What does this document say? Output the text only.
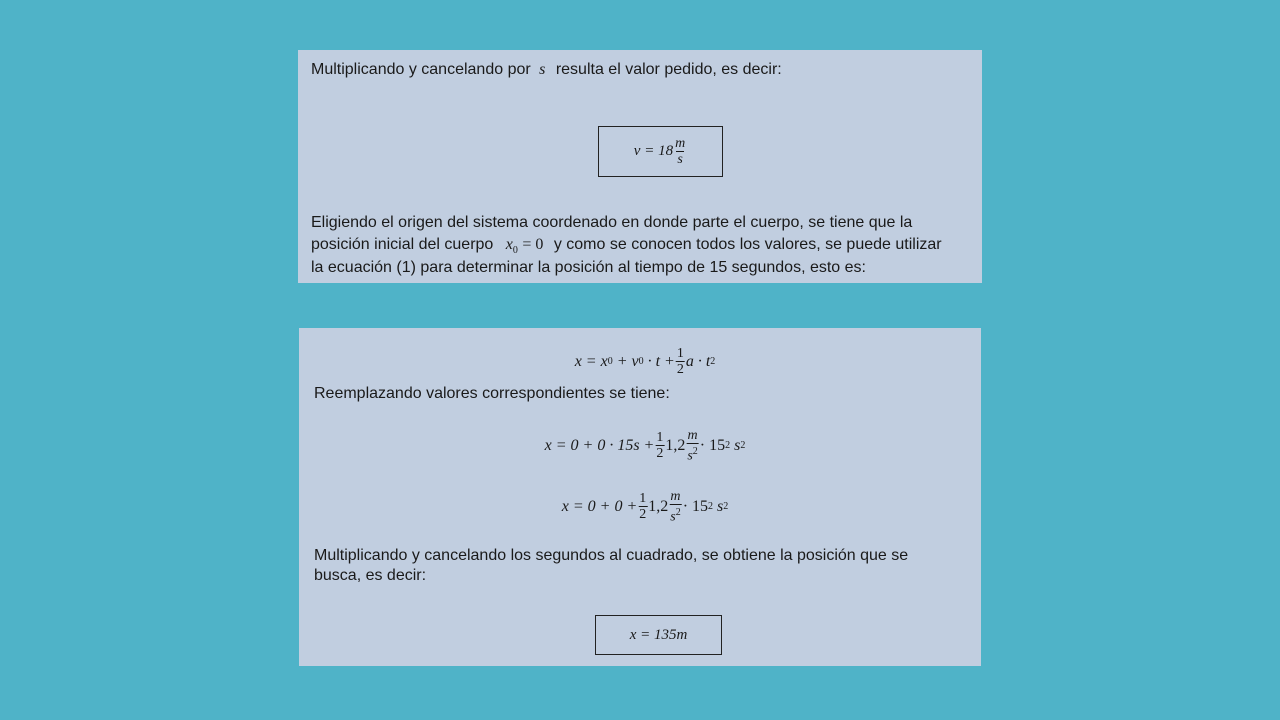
Multiplicando y cancelando por s resulta el valor pedido, es decir:
$v = 18 \frac{m}{s}$
Eligiendo el origen del sistema coordenado en donde parte el cuerpo, se tiene que la
posición inicial del cuerpo $x_0 = 0$ y como se conocen todos los valores, se puede utilizar
la ecuación (1) para determinar la posición al tiempo de 15 segundos, esto es:
x = x 0 + v $0 \cdot t + \frac{1}{2}$ a · t 2
Reemplazando valores correspondientes se tiene:
$x = 0 + 0 \cdot 15s + \frac{1}{2} 1,2 \frac{m}{s^2} \cdot 15$ 2 s 2
$x = 0 + 0 + \frac{1}{2} 1,2 \frac{m}{s^2} \cdot 15$ 2 s 2
Multiplicando y cancelando los segundos al cuadrado, se obtiene la posición que se
busca, es decir:
x = 135m
